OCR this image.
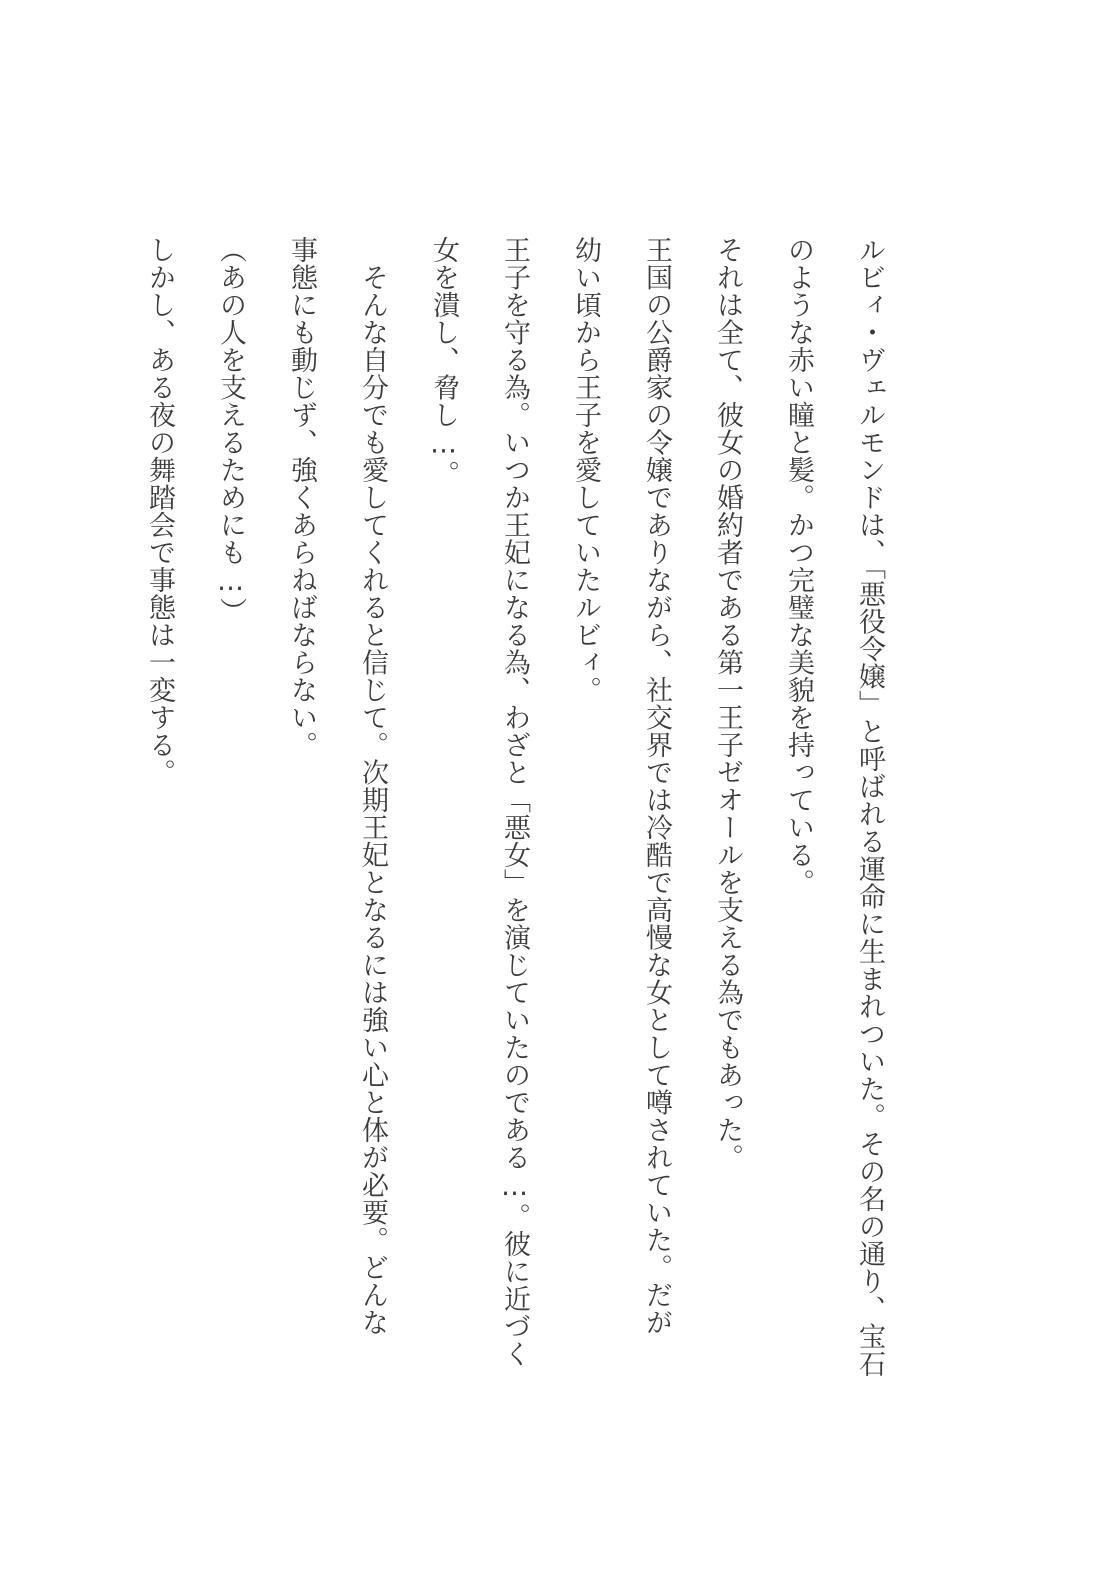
ルビィ・ヴェルモンドは、「悪役令嬢」と呼ばれる運命に生まれついた。その名の通り、宝石

のような赤い瞳と髪。かつ完璧な美貌を持っている。

それは全て、彼女の婚約者である第一王子ゼオールを支える為でもあった。

王国の公爵家の令嬢でありながら、社交界では冷酷で高慢な女として噂されていた。だが

幼い頃から王子を愛していたルビィ。

王子を守る為。いつか王妃になる為、わざと「悪女」を演じていたのである…。彼に近づく

女を潰し、脅し…。

　そんな自分でも愛してくれると信じて。次期王妃となるには強い心と体が必要。どんな

事態にも動じず、強くあらねばならない。

（あの人を支えるためにも…）

しかし、ある夜の舞踏会で事態は一変する。
